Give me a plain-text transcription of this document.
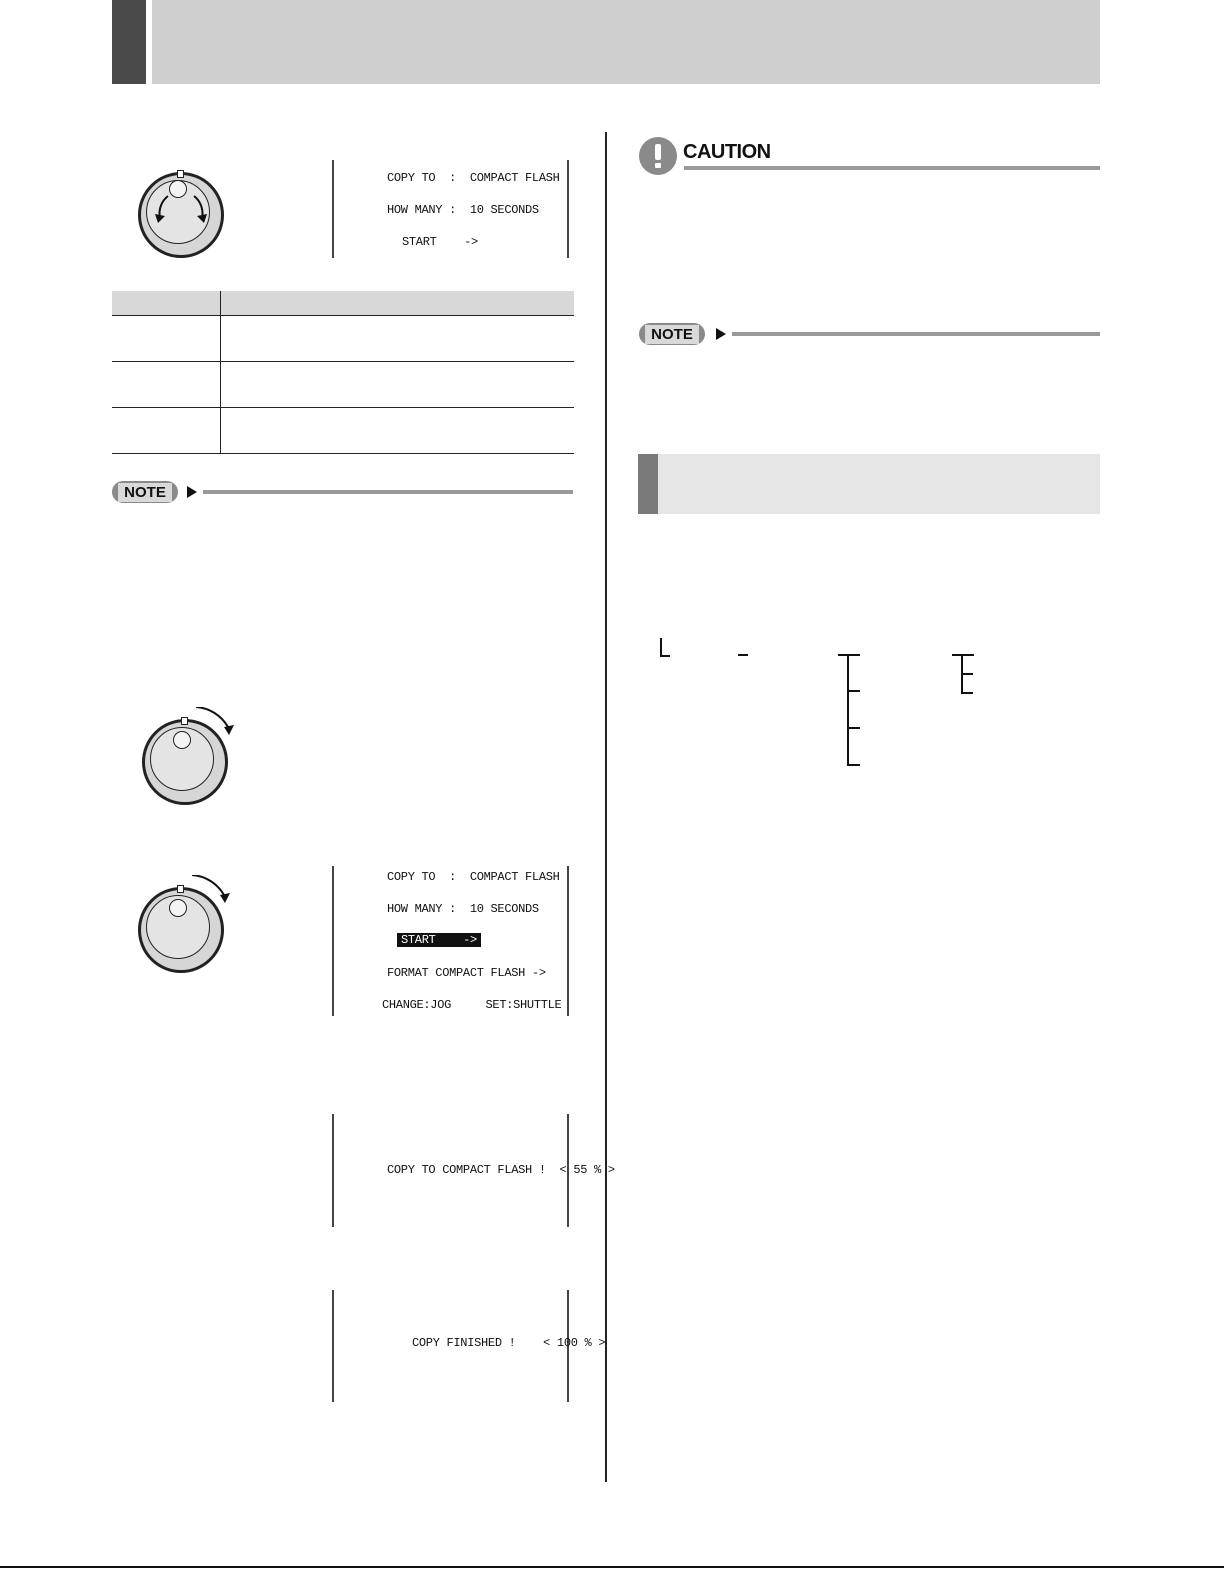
COPY TO  :  COMPACT FLASH
HOW MANY :  10 SECONDS
START    ->

NOTE
COPY TO  :  COMPACT FLASH
HOW MANY :  10 SECONDS
START    ->
FORMAT COMPACT FLASH ->
CHANGE:JOG     SET:SHUTTLE
COPY TO COMPACT FLASH !  < 55 % >
COPY FINISHED !    < 100 % >
CAUTION
NOTE
